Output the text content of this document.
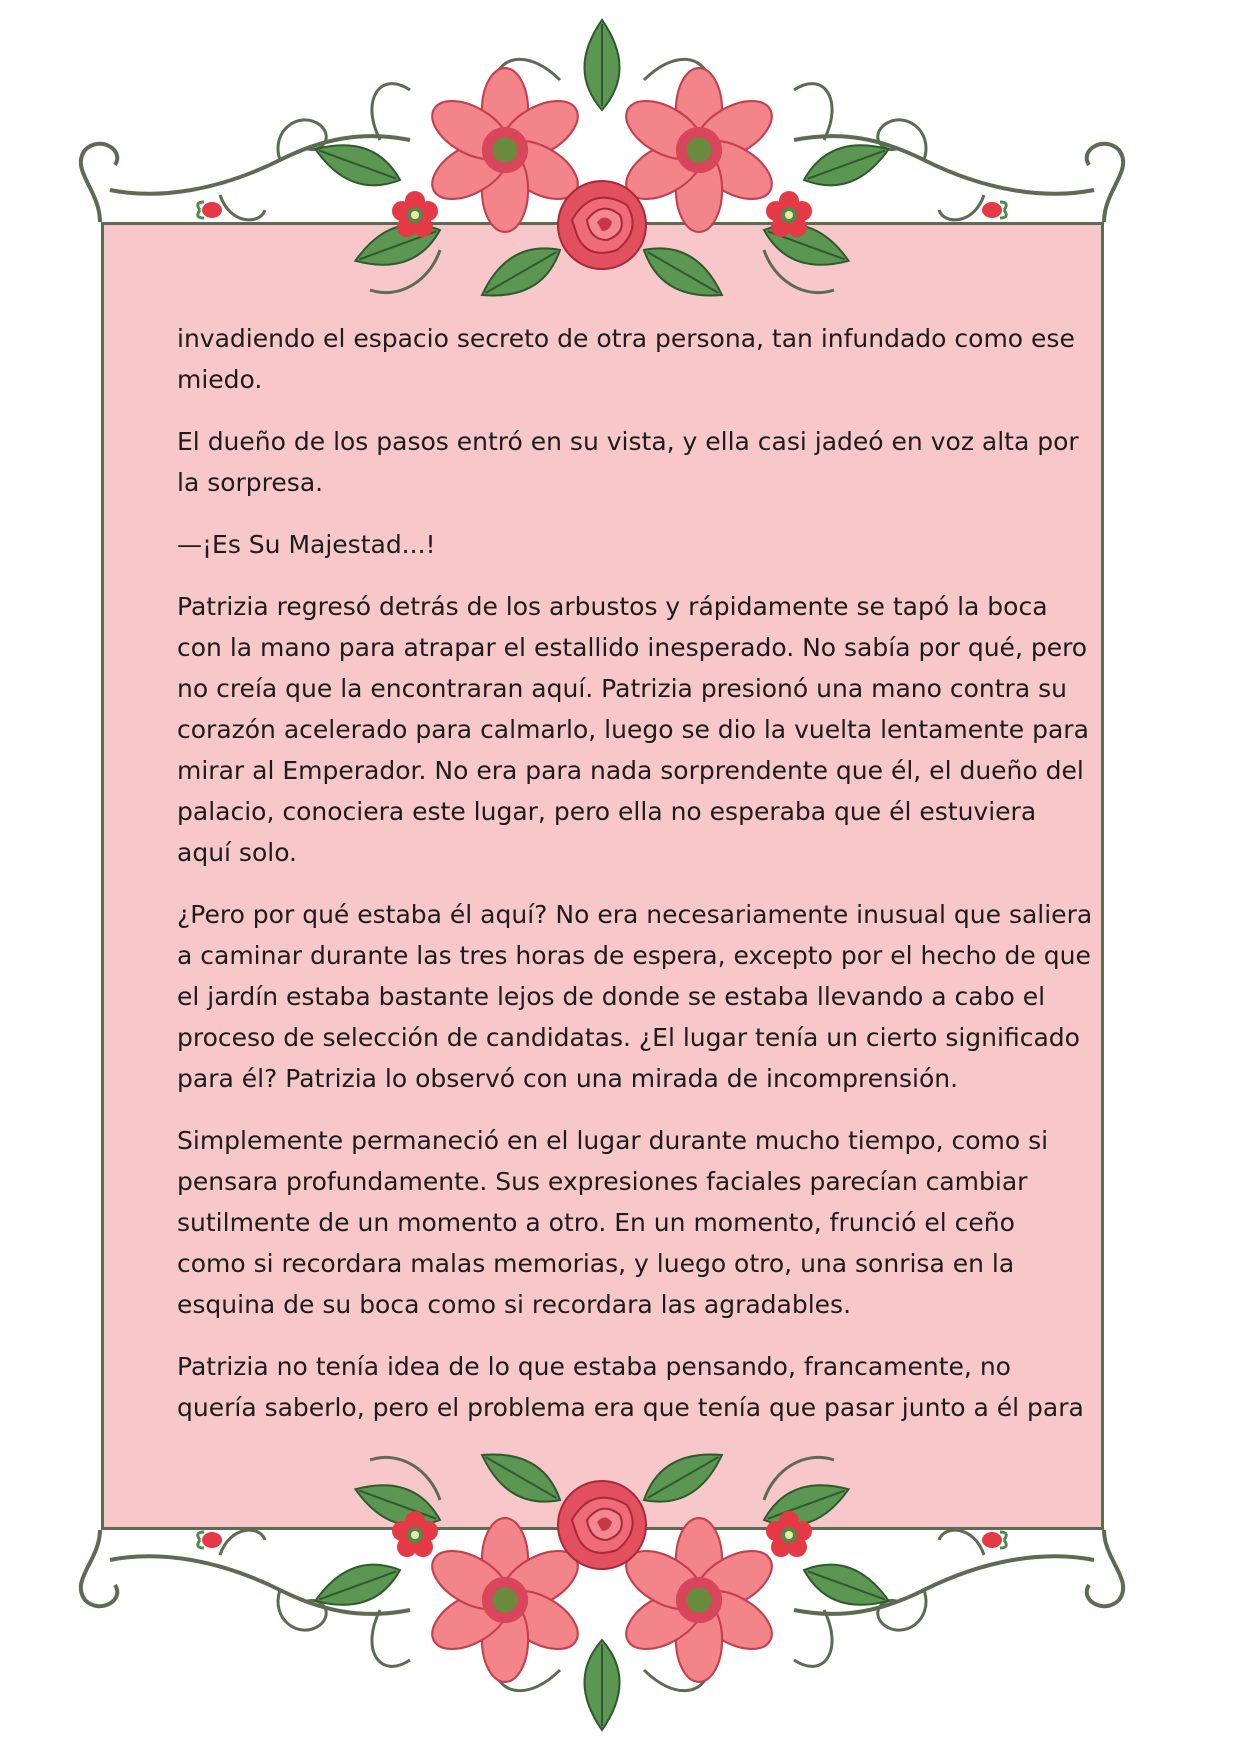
invadiendo el espacio secreto de otra persona, tan infundado como ese
miedo.

El dueño de los pasos entró en su vista, y ella casi jadeó en voz alta por
la sorpresa.

—¡Es Su Majestad...!

Patrizia regresó detrás de los arbustos y rápidamente se tapó la boca
con la mano para atrapar el estallido inesperado. No sabía por qué, pero
no creía que la encontraran aquí. Patrizia presionó una mano contra su
corazón acelerado para calmarlo, luego se dio la vuelta lentamente para
mirar al Emperador. No era para nada sorprendente que él, el dueño del
palacio, conociera este lugar, pero ella no esperaba que él estuviera
aquí solo.

¿Pero por qué estaba él aquí? No era necesariamente inusual que saliera
a caminar durante las tres horas de espera, excepto por el hecho de que
el jardín estaba bastante lejos de donde se estaba llevando a cabo el
proceso de selección de candidatas. ¿El lugar tenía un cierto significado
para él? Patrizia lo observó con una mirada de incomprensión.

Simplemente permaneció en el lugar durante mucho tiempo, como si
pensara profundamente. Sus expresiones faciales parecían cambiar
sutilmente de un momento a otro. En un momento, frunció el ceño
como si recordara malas memorias, y luego otro, una sonrisa en la
esquina de su boca como si recordara las agradables.

Patrizia no tenía idea de lo que estaba pensando, francamente, no
quería saberlo, pero el problema era que tenía que pasar junto a él para
